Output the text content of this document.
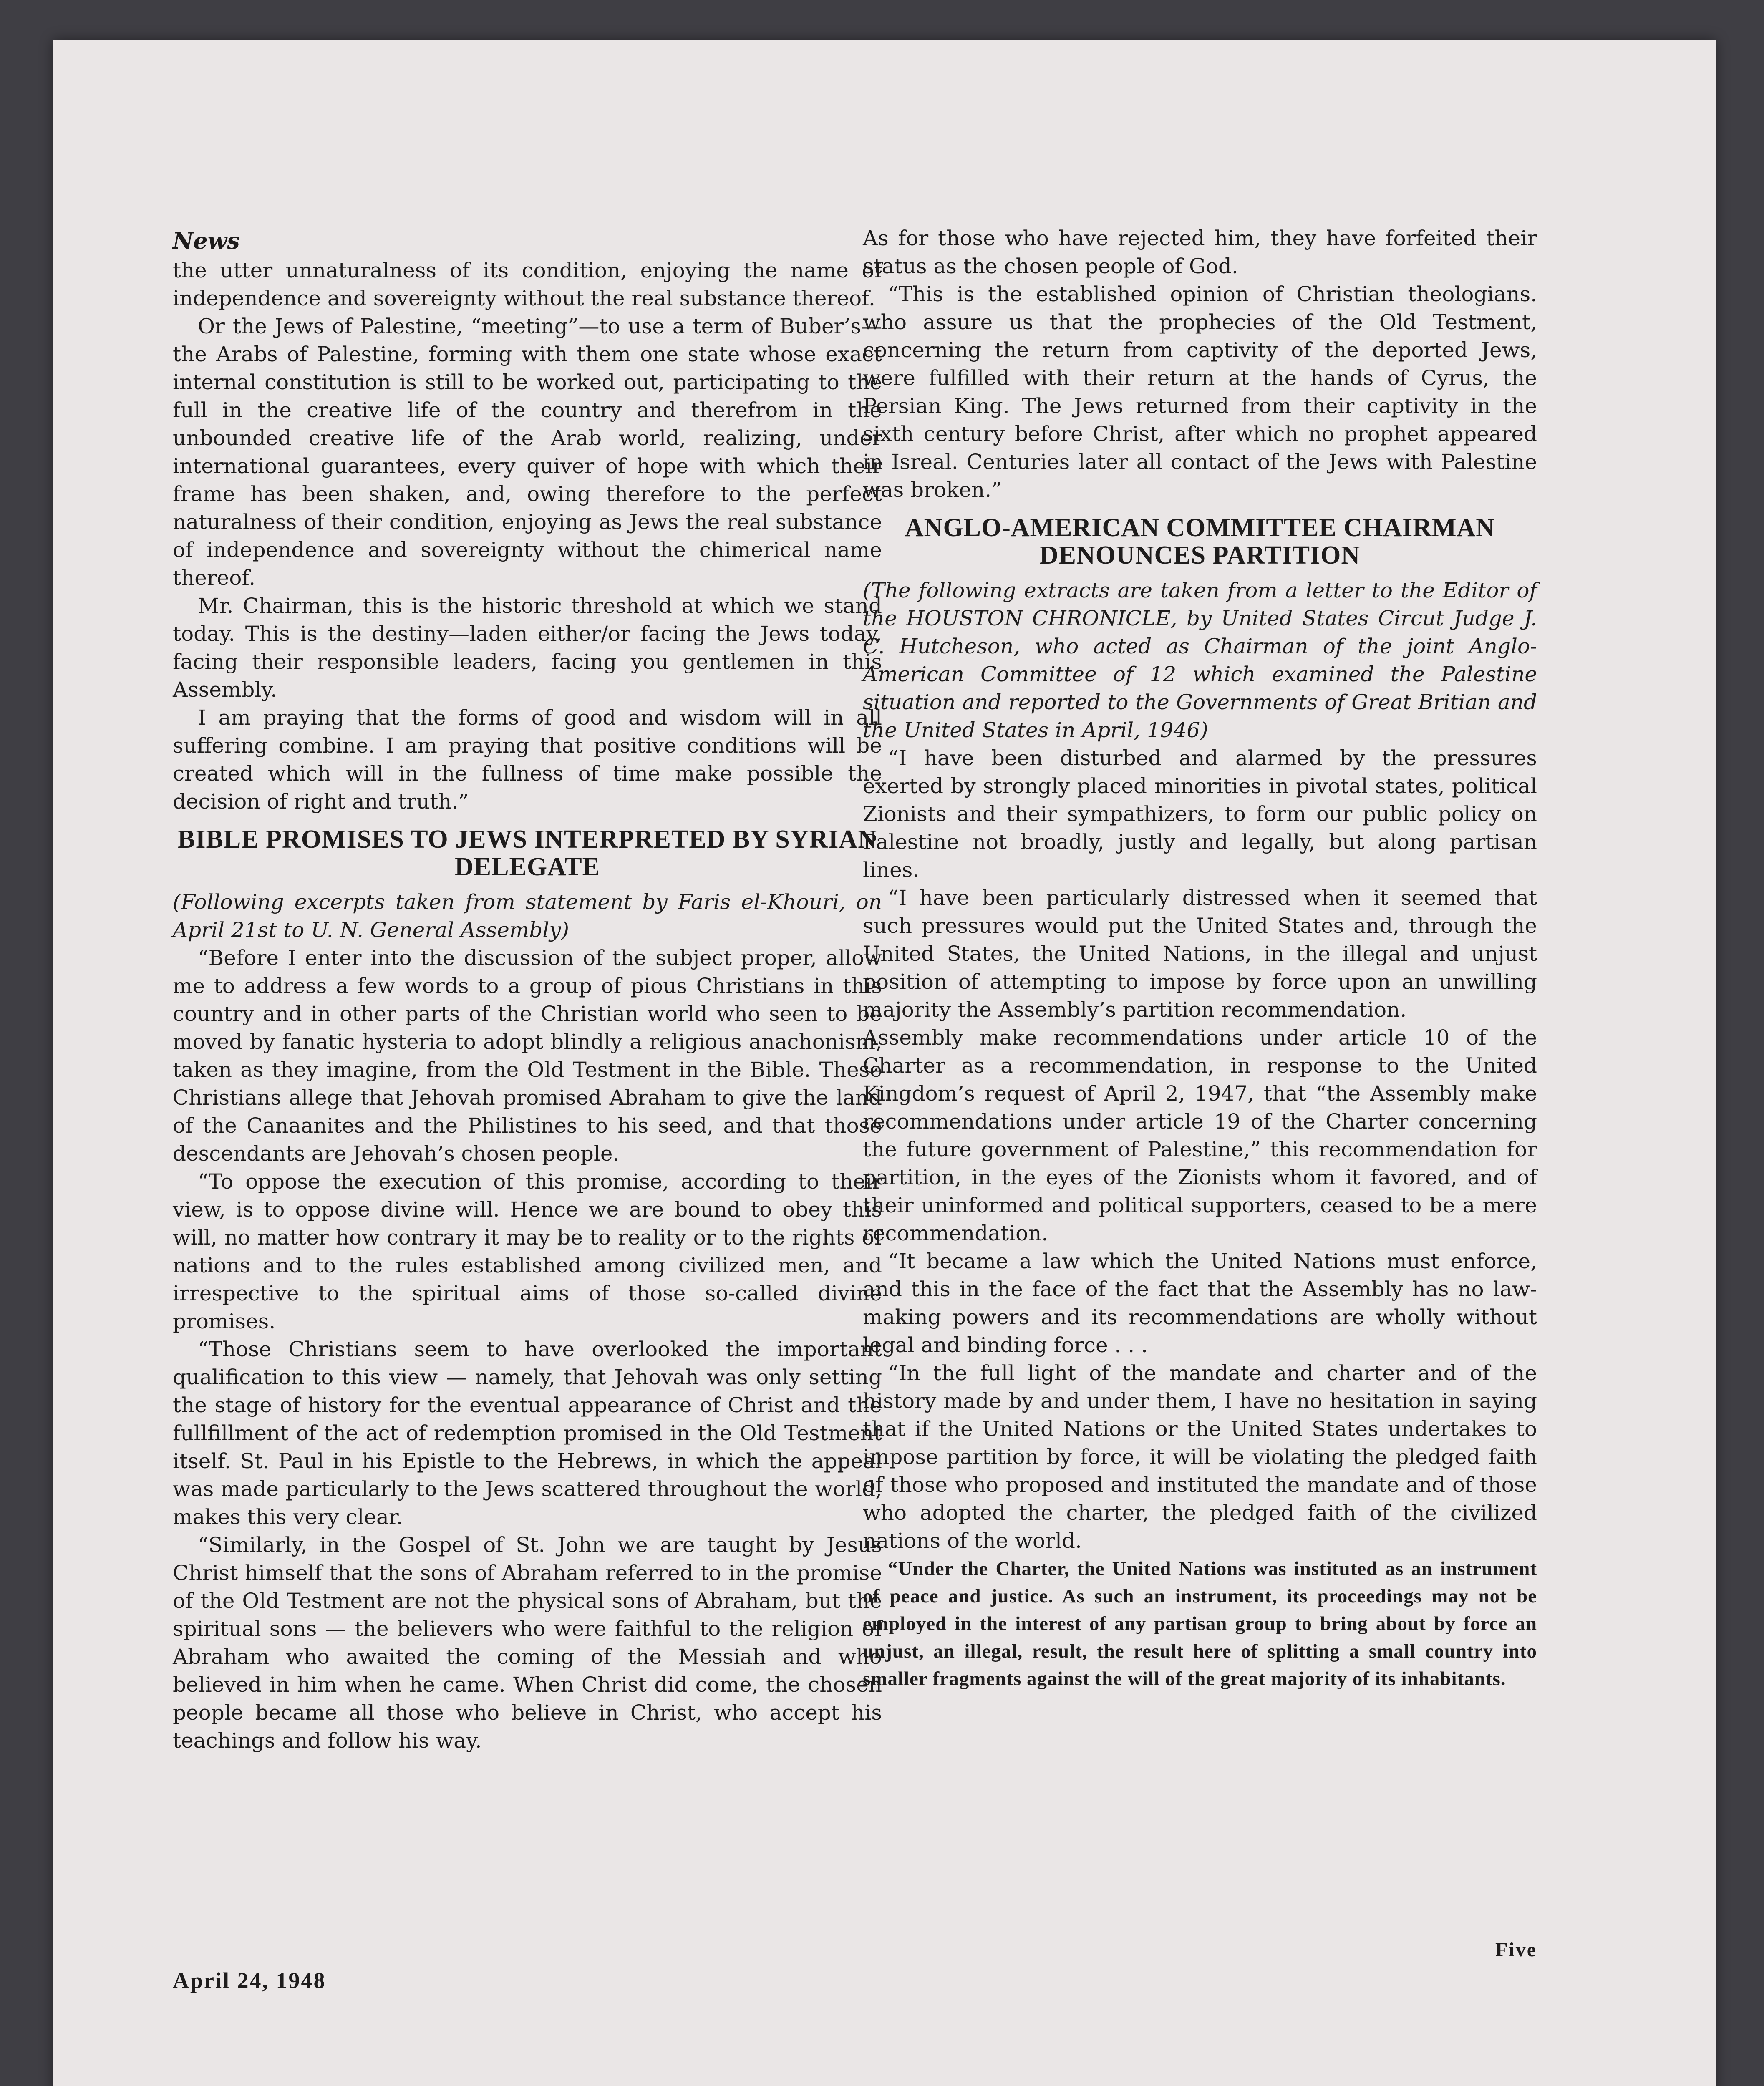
News

the utter unnaturalness of its condition, enjoying the name of independence and sovereignty without the real substance thereof.

Or the Jews of Palestine, “meeting”—to use a term of Buber’s—the Arabs of Palestine, forming with them one state whose exact internal constitution is still to be worked out, participating to the full in the creative life of the country and therefrom in the unbounded creative life of the Arab world, realizing, under international guarantees, every quiver of hope with which their frame has been shaken, and, owing therefore to the perfect naturalness of their condition, enjoying as Jews the real substance of independence and sovereignty without the chimerical name thereof.

Mr. Chairman, this is the historic threshold at which we stand today. This is the destiny—laden either/or facing the Jews today, facing their responsible leaders, facing you gentlemen in this Assembly.

I am praying that the forms of good and wisdom will in all suffering combine. I am praying that positive conditions will be created which will in the fullness of time make possible the decision of right and truth.”

BIBLE PROMISES TO JEWS INTERPRETED BY SYRIAN DELEGATE

(Following excerpts taken from statement by Faris el-Khouri, on April 21st to U. N. General Assembly)

“Before I enter into the discussion of the subject proper, allow me to address a few words to a group of pious Christians in this country and in other parts of the Christian world who seen to be moved by fanatic hysteria to adopt blindly a religious anachonism, taken as they imagine, from the Old Testment in the Bible. These Christians allege that Jehovah promised Abraham to give the land of the Canaanites and the Philistines to his seed, and that those descendants are Jehovah’s chosen people.

“To oppose the execution of this promise, according to their view, is to oppose divine will. Hence we are bound to obey this will, no matter how contrary it may be to reality or to the rights of nations and to the rules established among civilized men, and irrespective to the spiritual aims of those so-called divine promises.

“Those Christians seem to have overlooked the important qualification to this view — namely, that Jehovah was only setting the stage of history for the eventual appearance of Christ and the fullfillment of the act of redemption promised in the Old Testment itself. St. Paul in his Epistle to the Hebrews, in which the appeal was made particularly to the Jews scattered throughout the world, makes this very clear.

“Similarly, in the Gospel of St. John we are taught by Jesus Christ himself that the sons of Abraham referred to in the promise of the Old Testment are not the physical sons of Abraham, but the spiritual sons — the believers who were faithful to the religion of Abraham who awaited the coming of the Messiah and who believed in him when he came. When Christ did come, the chosen people became all those who believe in Christ, who accept his teachings and follow his way.

As for those who have rejected him, they have forfeited their status as the chosen people of God.

“This is the established opinion of Christian theologians. who assure us that the prophecies of the Old Testment, concerning the return from captivity of the deported Jews, were fulfilled with their return at the hands of Cyrus, the Persian King. The Jews returned from their captivity in the sixth century before Christ, after which no prophet appeared in Isreal. Centuries later all contact of the Jews with Palestine was broken.”

ANGLO-AMERICAN COMMITTEE CHAIRMAN DENOUNCES PARTITION

(The following extracts are taken from a letter to the Editor of the HOUSTON CHRONICLE, by United States Circut Judge J. C. Hutcheson, who acted as Chairman of the joint Anglo-American Committee of 12 which examined the Palestine situation and reported to the Governments of Great Britian and the United States in April, 1946)

“I have been disturbed and alarmed by the pressures exerted by strongly placed minorities in pivotal states, political Zionists and their sympathizers, to form our public policy on Palestine not broadly, justly and legally, but along partisan lines.

“I have been particularly distressed when it seemed that such pressures would put the United States and, through the United States, the United Nations, in the illegal and unjust position of attempting to impose by force upon an unwilling majority the Assembly’s partition recommendation.

Assembly make recommendations under article 10 of the Charter as a recommendation, in response to the United Kingdom’s request of April 2, 1947, that “the Assembly make recommendations under article 19 of the Charter concerning the future government of Palestine,” this recommendation for partition, in the eyes of the Zionists whom it favored, and of their uninformed and political supporters, ceased to be a mere recommendation.

“It became a law which the United Nations must enforce, and this in the face of the fact that the Assembly has no law-making powers and its recommendations are wholly without legal and binding force . . .

“In the full light of the mandate and charter and of the history made by and under them, I have no hesitation in saying that if the United Nations or the United States undertakes to impose partition by force, it will be violating the pledged faith of those who proposed and instituted the mandate and of those who adopted the charter, the pledged faith of the civilized nations of the world.

“Under the Charter, the United Nations was instituted as an instrument of peace and justice. As such an instrument, its proceedings may not be employed in the interest of any partisan group to bring about by force an unjust, an illegal, result, the result here of splitting a small country into smaller fragments against the will of the great majority of its inhabitants.

April 24, 1948
Five
